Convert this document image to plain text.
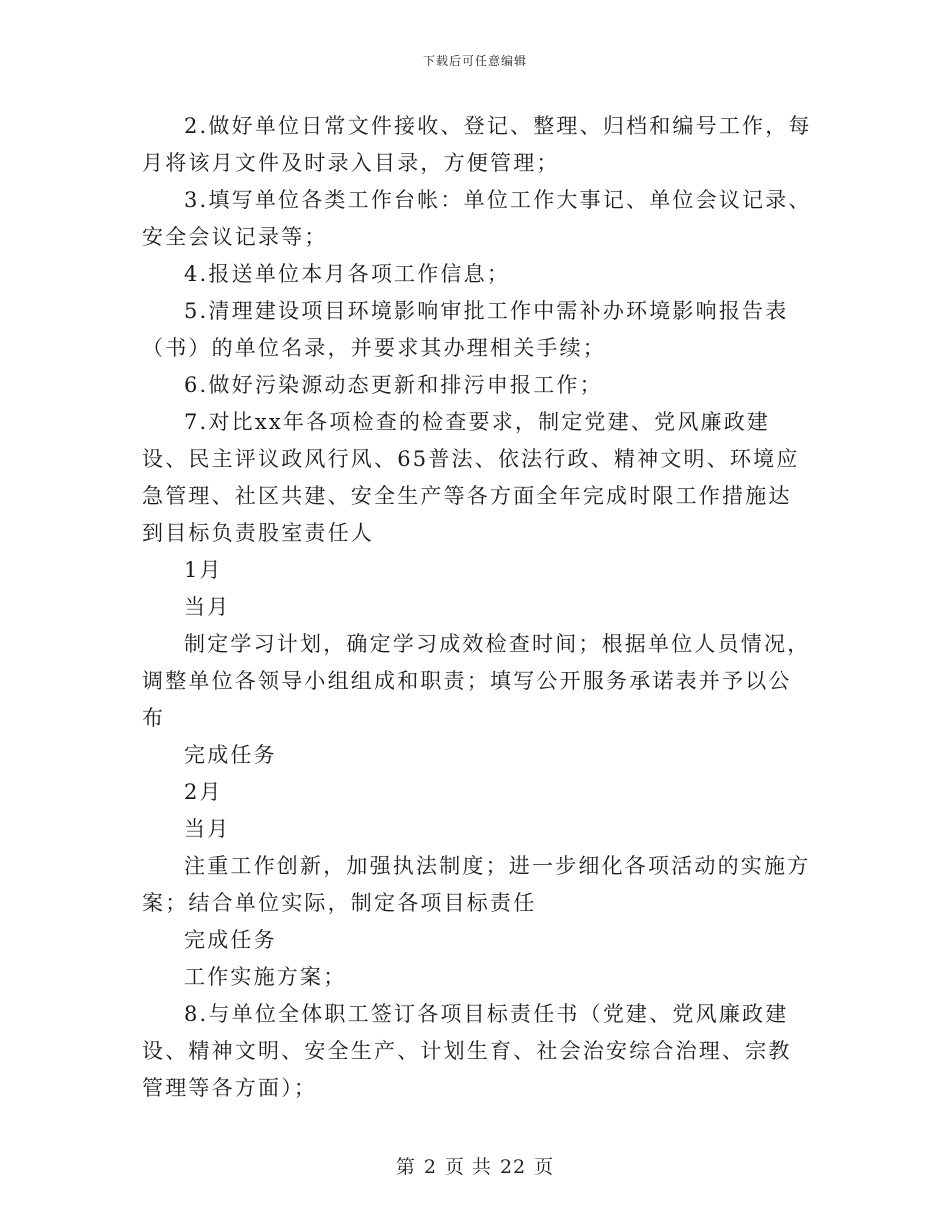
下载后可任意编辑

2.做好单位日常文件接收、登记、整理、归档和编号工作，每月将该月文件及时录入目录，方便管理；

3.填写单位各类工作台帐：单位工作大事记、单位会议记录、安全会议记录等；

4.报送单位本月各项工作信息；

5.清理建设项目环境影响审批工作中需补办环境影响报告表（书）的单位名录，并要求其办理相关手续；

6.做好污染源动态更新和排污申报工作；

7.对比xx年各项检查的检查要求，制定党建、党风廉政建设、民主评议政风行风、65普法、依法行政、精神文明、环境应急管理、社区共建、安全生产等各方面全年完成时限工作措施达到目标负责股室责任人

1月

当月

制定学习计划，确定学习成效检查时间；根据单位人员情况，调整单位各领导小组组成和职责；填写公开服务承诺表并予以公布

完成任务

2月

当月

注重工作创新，加强执法制度；进一步细化各项活动的实施方案；结合单位实际，制定各项目标责任

完成任务

工作实施方案；

8.与单位全体职工签订各项目标责任书（党建、党风廉政建设、精神文明、安全生产、计划生育、社会治安综合治理、宗教管理等各方面）；

第 2 页 共 22 页
